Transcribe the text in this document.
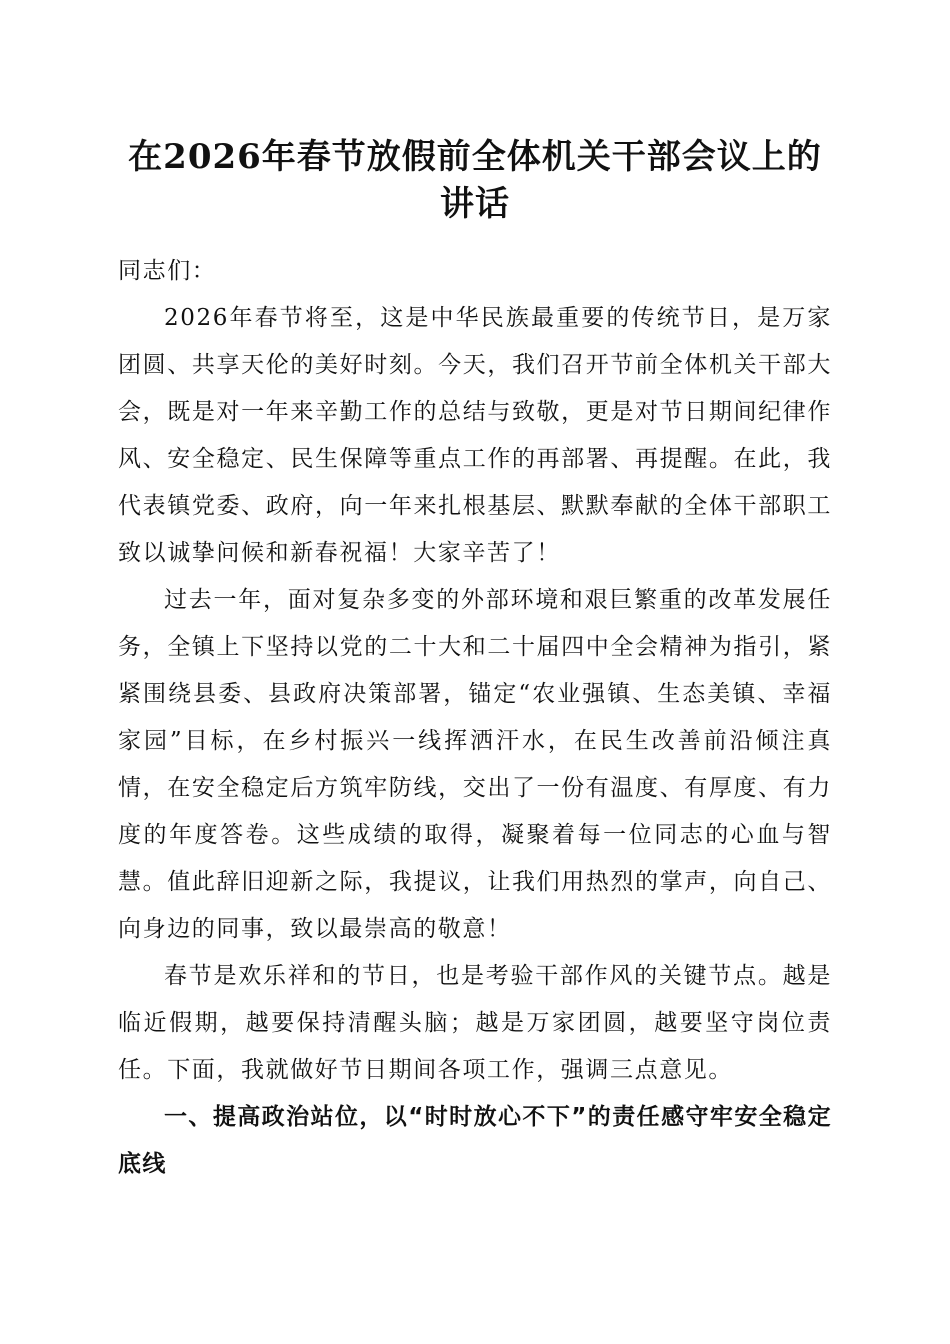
在2026年春节放假前全体机关干部会议上的
讲话

同志们：

2026年春节将至，这是中华民族最重要的传统节日，是万家团圆、共享天伦的美好时刻。今天，我们召开节前全体机关干部大会，既是对一年来辛勤工作的总结与致敬，更是对节日期间纪律作风、安全稳定、民生保障等重点工作的再部署、再提醒。在此，我代表镇党委、政府，向一年来扎根基层、默默奉献的全体干部职工致以诚挚问候和新春祝福！大家辛苦了！

过去一年，面对复杂多变的外部环境和艰巨繁重的改革发展任务，全镇上下坚持以党的二十大和二十届四中全会精神为指引，紧紧围绕县委、县政府决策部署，锚定“农业强镇、生态美镇、幸福家园”目标，在乡村振兴一线挥洒汗水，在民生改善前沿倾注真情，在安全稳定后方筑牢防线，交出了一份有温度、有厚度、有力度的年度答卷。这些成绩的取得，凝聚着每一位同志的心血与智慧。值此辞旧迎新之际，我提议，让我们用热烈的掌声，向自己、向身边的同事，致以最崇高的敬意！

春节是欢乐祥和的节日，也是考验干部作风的关键节点。越是临近假期，越要保持清醒头脑；越是万家团圆，越要坚守岗位责任。下面，我就做好节日期间各项工作，强调三点意见。

一、提高政治站位，以“时时放心不下”的责任感守牢安全稳定底线
